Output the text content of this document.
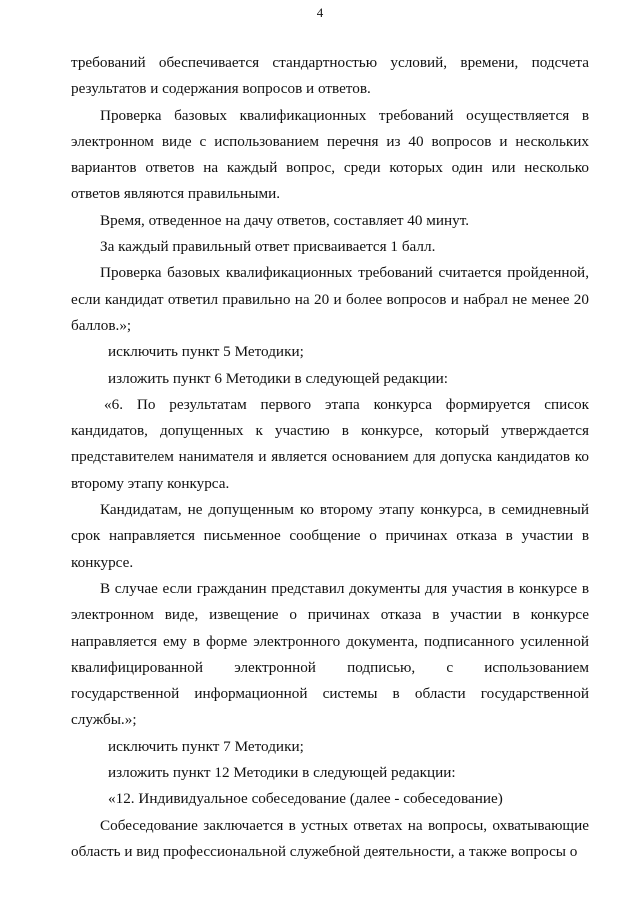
4

требований обеспечивается стандартностью условий, времени, подсчета результатов и содержания вопросов и ответов.

Проверка базовых квалификационных требований осуществляется в электронном виде с использованием перечня из 40 вопросов и нескольких вариантов ответов на каждый вопрос, среди которых один или несколько ответов являются правильными.

Время, отведенное на дачу ответов, составляет 40 минут.

За каждый правильный ответ присваивается 1 балл.

Проверка базовых квалификационных требований считается пройденной, если кандидат ответил правильно на 20 и более вопросов и набрал не менее 20 баллов.»;

исключить пункт 5 Методики;

изложить пункт 6 Методики в следующей редакции:

«6. По результатам первого этапа конкурса формируется список кандидатов, допущенных к участию в конкурсе, который утверждается представителем нанимателя и является основанием для допуска кандидатов ко второму этапу конкурса.

Кандидатам, не допущенным ко второму этапу конкурса, в семидневный срок направляется письменное сообщение о причинах отказа в участии в конкурсе.

В случае если гражданин представил документы для участия в конкурсе в электронном виде, извещение о причинах отказа в участии в конкурсе направляется ему в форме электронного документа, подписанного усиленной квалифицированной электронной подписью, с использованием государственной информационной системы в области государственной службы.»;

исключить пункт 7 Методики;

изложить пункт 12 Методики в следующей редакции:

«12. Индивидуальное собеседование (далее - собеседование)

Собеседование заключается в устных ответах на вопросы, охватывающие область и вид профессиональной служебной деятельности, а также вопросы о
